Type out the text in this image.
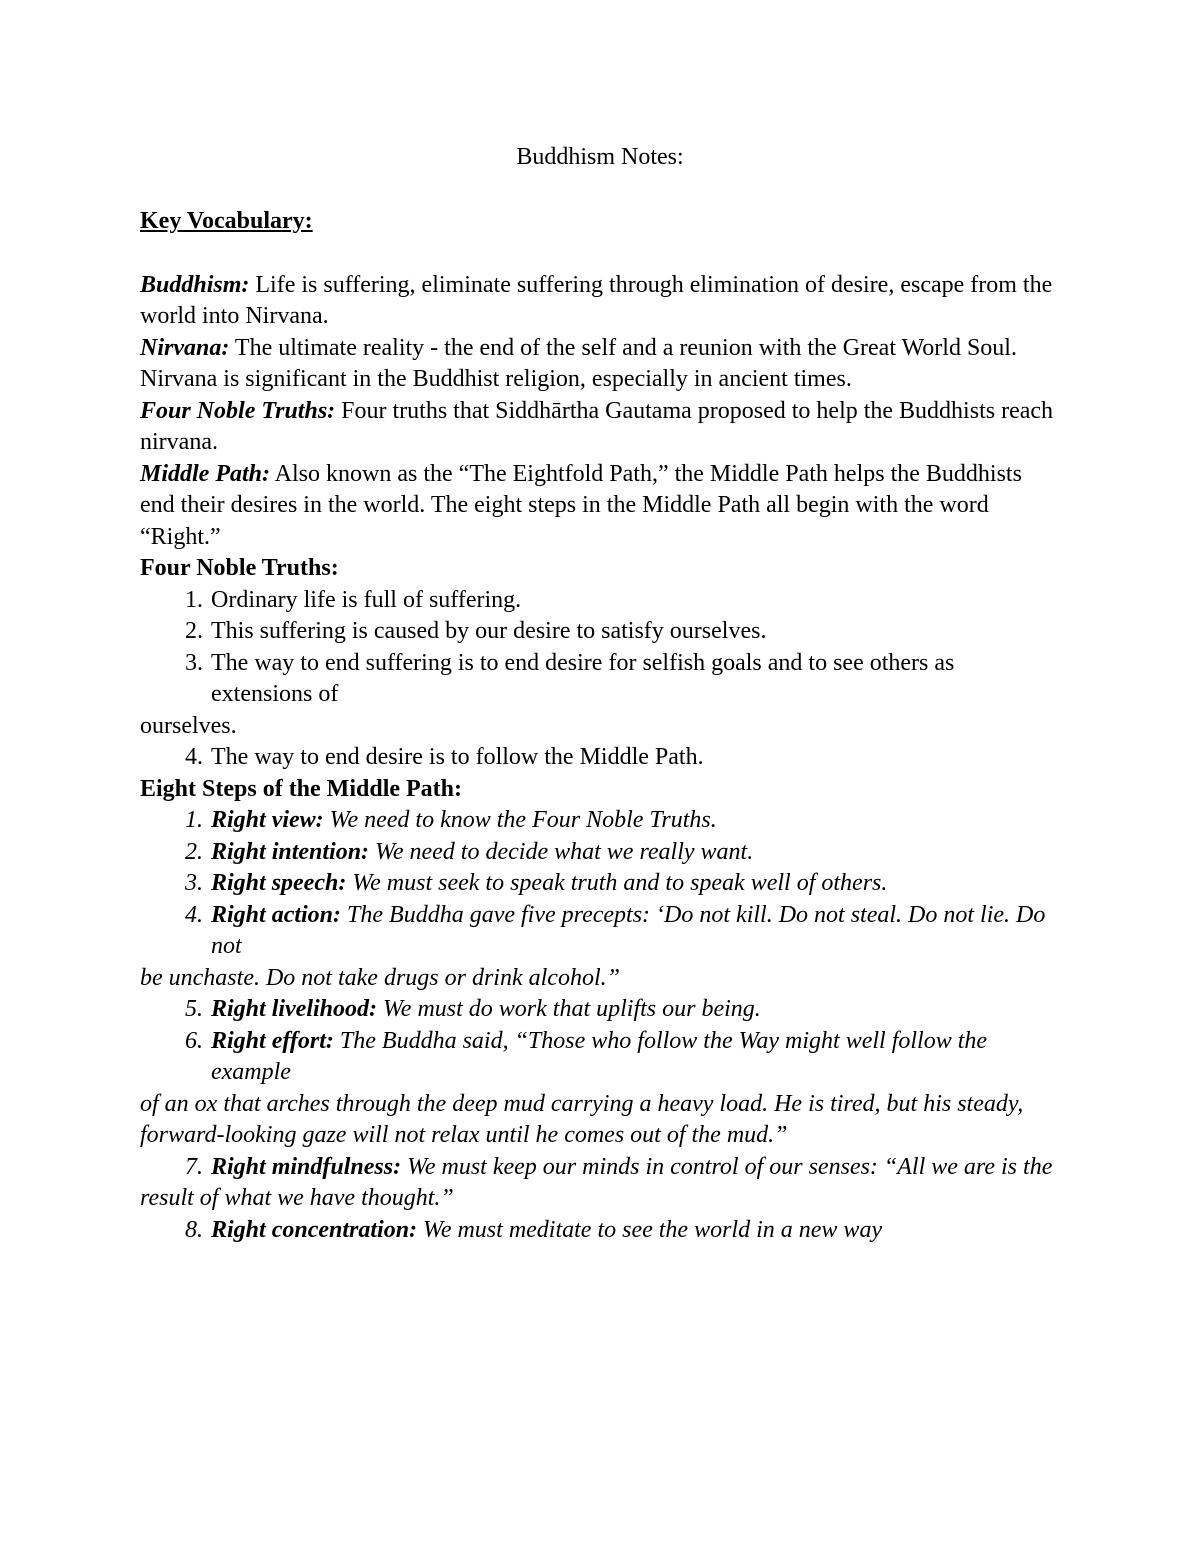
Buddhism Notes:

Key Vocabulary:

Buddhism: Life is suffering, eliminate suffering through elimination of desire, escape from the world into Nirvana.

Nirvana: The ultimate reality - the end of the self and a reunion with the Great World Soul. Nirvana is significant in the Buddhist religion, especially in ancient times.

Four Noble Truths: Four truths that Siddhārtha Gautama proposed to help the Buddhists reach nirvana.

Middle Path: Also known as the “The Eightfold Path,” the Middle Path helps the Buddhists end their desires in the world. The eight steps in the Middle Path all begin with the word “Right.”

Four Noble Truths:

1. Ordinary life is full of suffering.
2. This suffering is caused by our desire to satisfy ourselves.
3. The way to end suffering is to end desire for selfish goals and to see others as extensions of

ourselves.

4. The way to end desire is to follow the Middle Path.

Eight Steps of the Middle Path:

1. Right view: We need to know the Four Noble Truths.
2. Right intention: We need to decide what we really want.
3. Right speech: We must seek to speak truth and to speak well of others.
4. Right action: The Buddha gave five precepts: ‘Do not kill. Do not steal. Do not lie. Do not

be unchaste. Do not take drugs or drink alcohol.”

5. Right livelihood: We must do work that uplifts our being.
6. Right effort: The Buddha said, “Those who follow the Way might well follow the example

of an ox that arches through the deep mud carrying a heavy load. He is tired, but his steady,

forward-looking gaze will not relax until he comes out of the mud.”

7. Right mindfulness: We must keep our minds in control of our senses: “All we are is the

result of what we have thought.”

8. Right concentration: We must meditate to see the world in a new way
